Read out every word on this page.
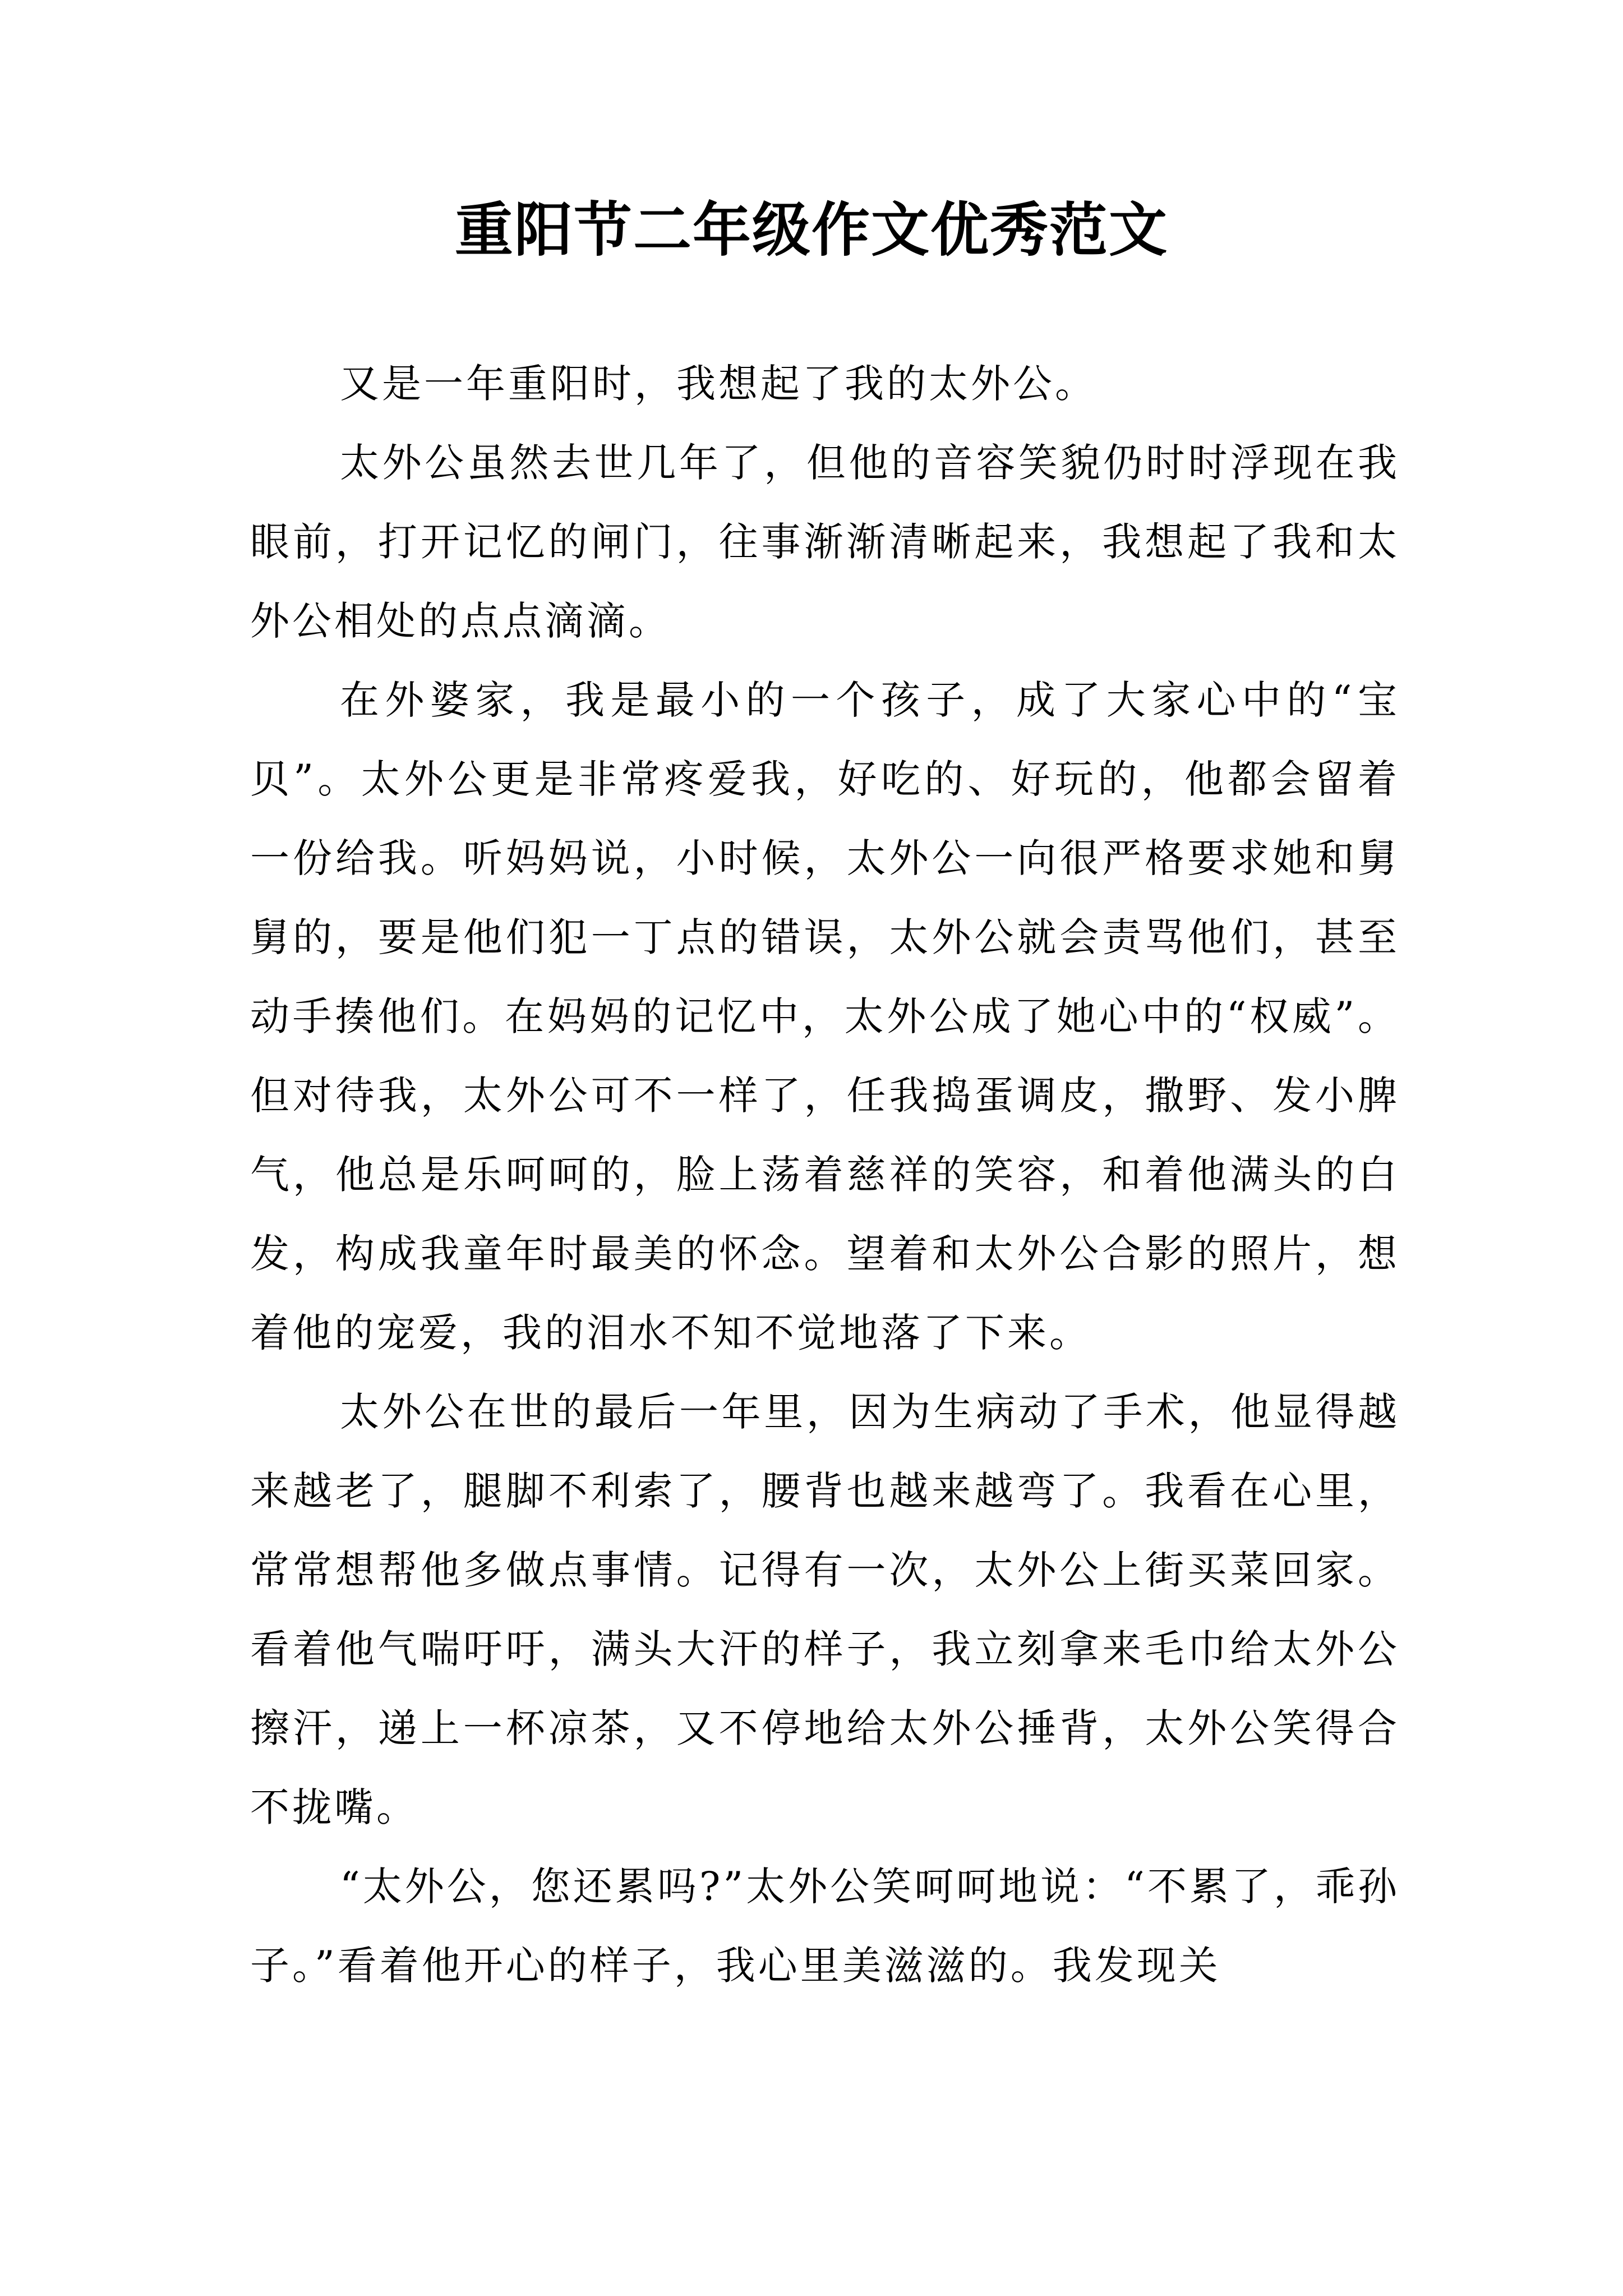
重阳节二年级作文优秀范文

又是一年重阳时，我想起了我的太外公。

太外公虽然去世几年了，但他的音容笑貌仍时时浮现在我眼前，打开记忆的闸门，往事渐渐清晰起来，我想起了我和太外公相处的点点滴滴。

在外婆家，我是最小的一个孩子，成了大家心中的“宝贝”。太外公更是非常疼爱我，好吃的、好玩的，他都会留着一份给我。听妈妈说，小时候，太外公一向很严格要求她和舅舅的，要是他们犯一丁点的错误，太外公就会责骂他们，甚至动手揍他们。在妈妈的记忆中，太外公成了她心中的“权威”。但对待我，太外公可不一样了，任我捣蛋调皮，撒野、发小脾气，他总是乐呵呵的，脸上荡着慈祥的笑容，和着他满头的白发，构成我童年时最美的怀念。望着和太外公合影的照片，想着他的宠爱，我的泪水不知不觉地落了下来。

太外公在世的最后一年里，因为生病动了手术，他显得越来越老了，腿脚不利索了，腰背也越来越弯了。我看在心里，常常想帮他多做点事情。记得有一次，太外公上街买菜回家。看着他气喘吁吁，满头大汗的样子，我立刻拿来毛巾给太外公擦汗，递上一杯凉茶，又不停地给太外公捶背，太外公笑得合不拢嘴。

“太外公，您还累吗?”太外公笑呵呵地说：“不累了，乖孙子。”看着他开心的样子，我心里美滋滋的。我发现关
